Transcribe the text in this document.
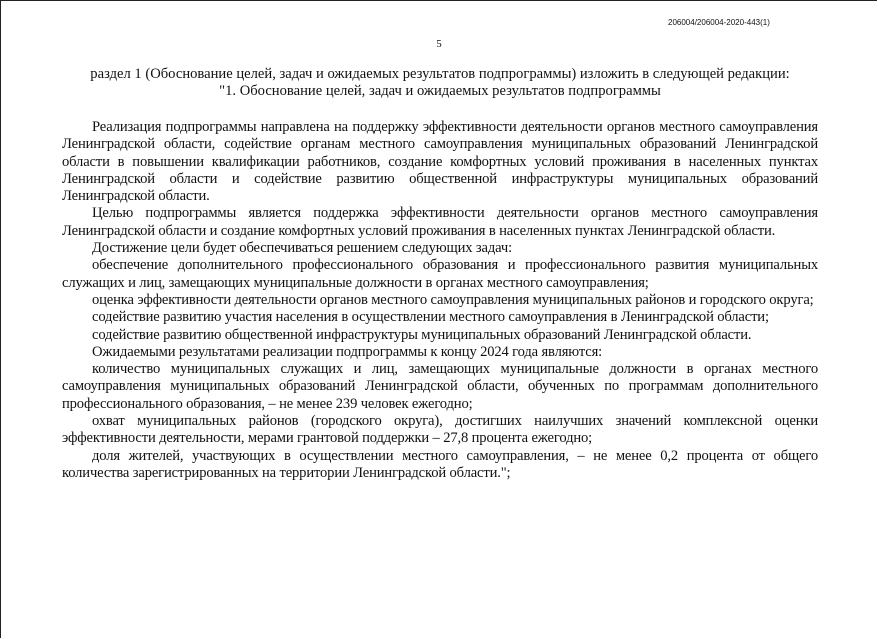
206004/206004-2020-443(1)
5
раздел 1 (Обоснование целей, задач и ожидаемых результатов подпрограммы) изложить в следующей редакции:
"1. Обоснование целей, задач и ожидаемых результатов подпрограммы

Реализация подпрограммы направлена на поддержку эффективности деятельности органов местного самоуправления Ленинградской области, содействие органам местного самоуправления муниципальных образований Ленинградской области в повышении квалификации работников, создание комфортных условий проживания в населенных пунктах Ленинградской области и содействие развитию общественной инфраструктуры муниципальных образований Ленинградской области.

Целью подпрограммы является поддержка эффективности деятельности органов местного самоуправления Ленинградской области и создание комфортных условий проживания в населенных пунктах Ленинградской области.

Достижение цели будет обеспечиваться решением следующих задач:

обеспечение дополнительного профессионального образования и профессионального развития муниципальных служащих и лиц, замещающих муниципальные должности в органах местного самоуправления;

оценка эффективности деятельности органов местного самоуправления муниципальных районов и городского округа;

содействие развитию участия населения в осуществлении местного самоуправления в Ленинградской области;

содействие развитию общественной инфраструктуры муниципальных образований Ленинградской области.

Ожидаемыми результатами реализации подпрограммы к концу 2024 года являются:

количество муниципальных служащих и лиц, замещающих муниципальные должности в органах местного самоуправления муниципальных образований Ленинградской области, обученных по программам дополнительного профессионального образования, – не менее 239 человек ежегодно;

охват муниципальных районов (городского округа), достигших наилучших значений комплексной оценки эффективности деятельности, мерами грантовой поддержки – 27,8 процента ежегодно;

доля жителей, участвующих в осуществлении местного самоуправления, – не менее 0,2 процента от общего количества зарегистрированных на территории Ленинградской области.";
